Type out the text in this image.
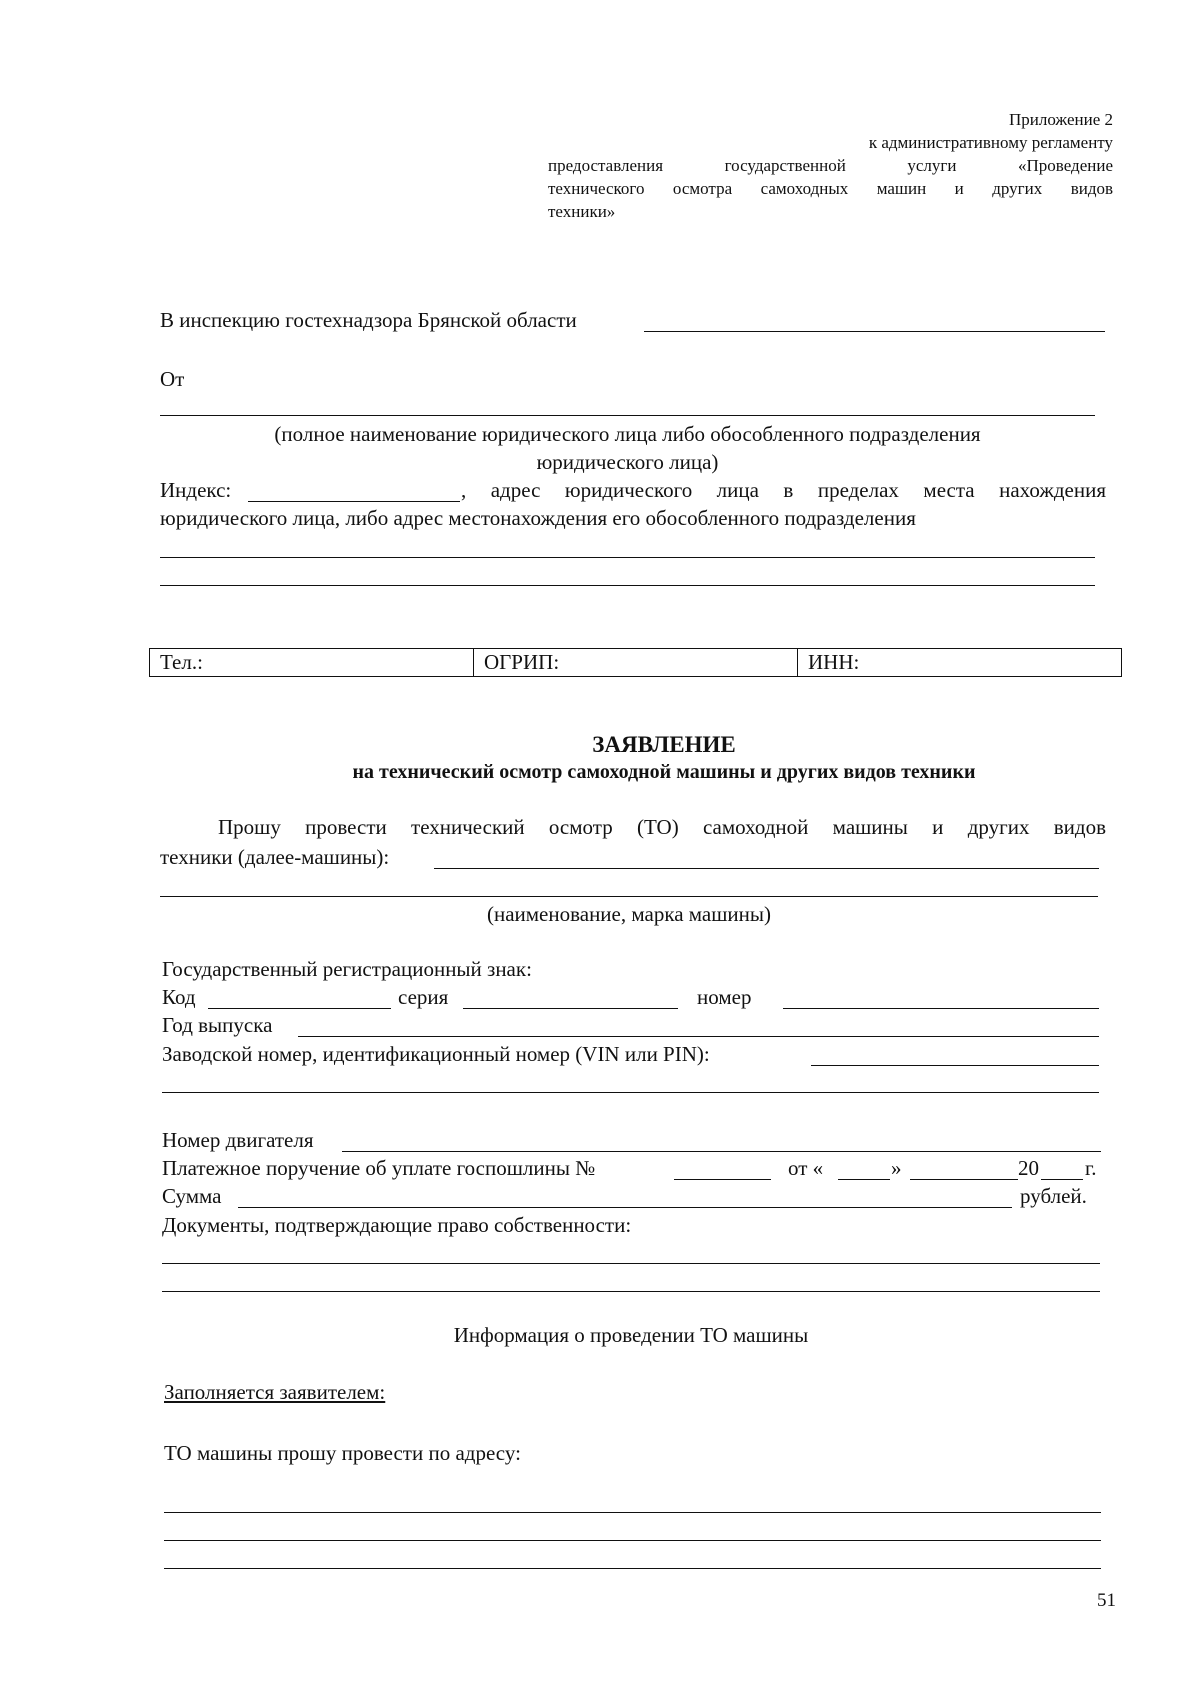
Приложение 2
к административному регламенту
предоставления государственной услуги «Проведение
технического осмотра самоходных машин и других видов
техники»
В инспекцию гостехнадзора Брянской области
От
(полное наименование юридического лица либо обособленного подразделения
юридического лица)
Индекс:	, адрес юридического лица в пределах места нахождения
юридического лица, либо адрес местонахождения его обособленного подразделения
Тел.:	ОГРИП:	ИНН:
ЗАЯВЛЕНИЕ
на технический осмотр самоходной машины и других видов техники
Прошу провести технический осмотр (ТО) самоходной машины и других видов
техники (далее-машины):
(наименование, марка машины)
Государственный регистрационный знак:
Код	серия	номер
Год выпуска
Заводской номер, идентификационный номер (VIN или PIN):
Номер двигателя
Платежное поручение об уплате госпошлины №	от «	»	20 г.
Сумма	рублей.
Документы, подтверждающие право собственности:
Информация о проведении ТО машины
Заполняется заявителем:
ТО машины прошу провести по адресу:
51
